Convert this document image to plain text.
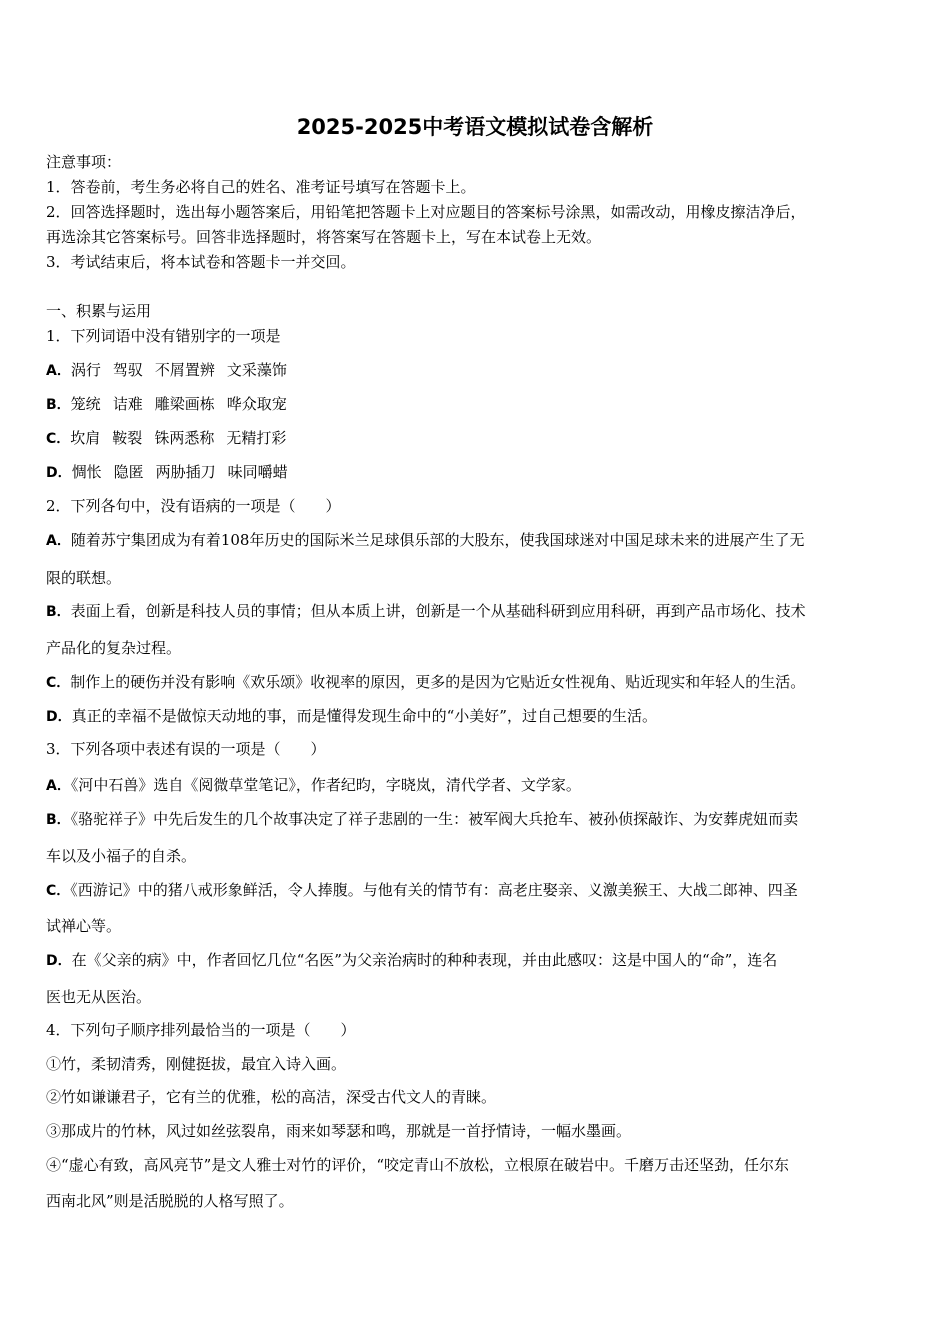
2025-2025中考语文模拟试卷含解析
注意事项：
1．答卷前，考生务必将自己的姓名、准考证号填写在答题卡上。
2．回答选择题时，选出每小题答案后，用铅笔把答题卡上对应题目的答案标号涂黑，如需改动，用橡皮擦洁净后，
再选涂其它答案标号。回答非选择题时，将答案写在答题卡上，写在本试卷上无效。
3．考试结束后，将本试卷和答题卡一并交回。
一、积累与运用
1．下列词语中没有错别字的一项是
A．涡行 驾驭 不屑置辨 文采藻饰
B．笼统 诘难 雕梁画栋 哗众取宠
C．坎肩 鞍裂 铢两悉称 无精打彩
D．惆怅 隐匿 两胁插刀 味同嚼蜡
2．下列各句中，没有语病的一项是（　　）
A．随着苏宁集团成为有着108年历史的国际米兰足球俱乐部的大股东，使我国球迷对中国足球未来的进展产生了无
限的联想。
B．表面上看，创新是科技人员的事情；但从本质上讲，创新是一个从基础科研到应用科研，再到产品市场化、技术
产品化的复杂过程。
C．制作上的硬伤并没有影响《欢乐颂》收视率的原因，更多的是因为它贴近女性视角、贴近现实和年轻人的生活。
D．真正的幸福不是做惊天动地的事，而是懂得发现生命中的“小美好”，过自己想要的生活。
3．下列各项中表述有误的一项是（　　）
A．《河中石兽》选自《阅微草堂笔记》，作者纪昀，字晓岚，清代学者、文学家。
B．《骆驼祥子》中先后发生的几个故事决定了祥子悲剧的一生：被军阀大兵抢车、被孙侦探敲诈、为安葬虎妞而卖
车以及小福子的自杀。
C．《西游记》中的猪八戒形象鲜活，令人捧腹。与他有关的情节有：高老庄娶亲、义激美猴王、大战二郎神、四圣
试禅心等。
D．在《父亲的病》中，作者回忆几位“名医”为父亲治病时的种种表现，并由此感叹：这是中国人的“命”，连名
医也无从医治。
4．下列句子顺序排列最恰当的一项是（　　）
①竹，柔韧清秀，刚健挺拔，最宜入诗入画。
②竹如谦谦君子，它有兰的优雅，松的高洁，深受古代文人的青睐。
③那成片的竹林，风过如丝弦裂帛，雨来如琴瑟和鸣，那就是一首抒情诗，一幅水墨画。
④“虚心有致，高风亮节”是文人雅士对竹的评价，“咬定青山不放松，立根原在破岩中。千磨万击还坚劲，任尔东
西南北风”则是活脱脱的人格写照了。
